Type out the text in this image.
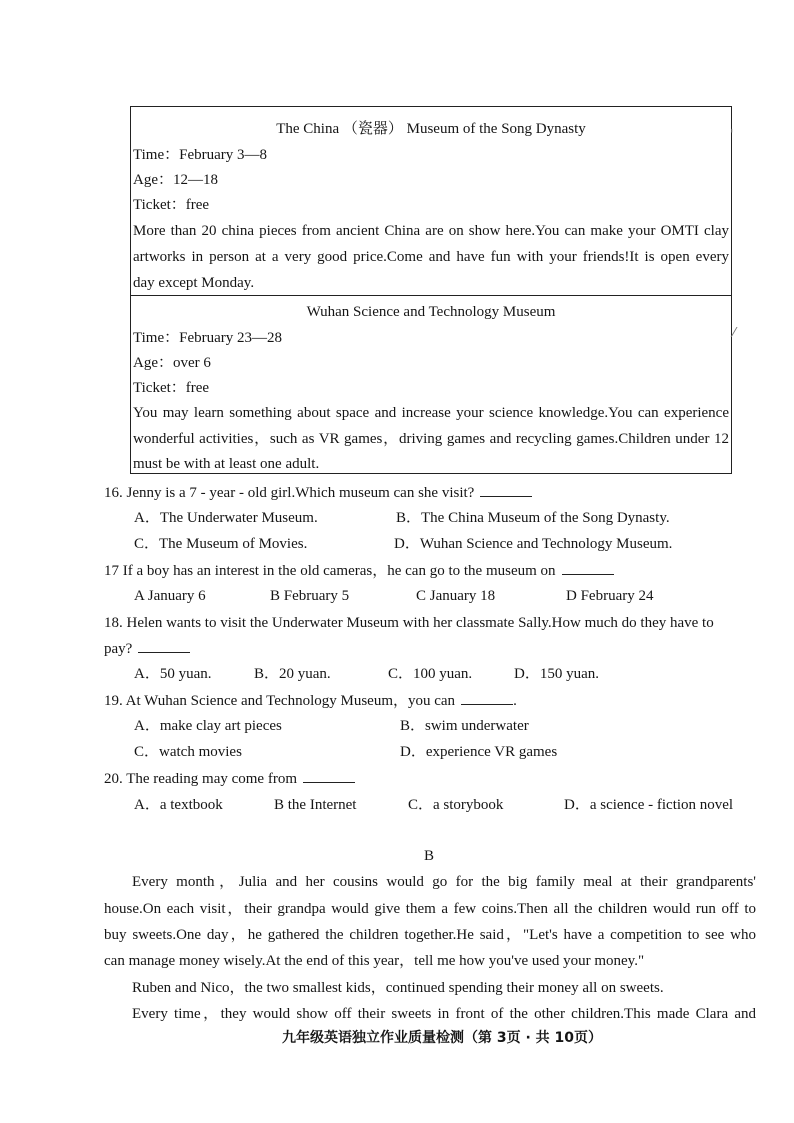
The China （瓷器） Museum of the Song Dynasty
Time：February 3—8
Age：12—18
Ticket：free
More than 20 china pieces from ancient China are on show here.You can make your OMTI clay
artworks in person at a very good price.Come and have fun with your friends!It is open every
day except Monday.
Wuhan Science and Technology Museum
Time：February 23—28
Age：over 6
Ticket：free
You may learn something about space and increase your science knowledge.You can experience
wonderful activities，such as VR games，driving games and recycling games.Children under 12
must be with at least one adult.
ˈ
⁄
16. Jenny is a 7 - year - old girl.Which museum can she visit?
A．The Underwater Museum.	B．The China Museum of the Song Dynasty.
C．The Museum of Movies.	D．Wuhan Science and Technology Museum.
17 If a boy has an interest in the old cameras，he can go to the museum on
A January 6	B February 5	C January 18	D February 24
18. Helen wants to visit the Underwater Museum with her classmate Sally.How much do they have to
pay?
A．50 yuan.	B．20 yuan.	C．100 yuan.	D．150 yuan.
19. At Wuhan Science and Technology Museum，you can	.
A．make clay art pieces	B．swim underwater
C．watch movies	D．experience VR games
20. The reading may come from
A．a textbook	B the Internet	C．a storybook	D．a science - fiction novel
B
Every month，Julia and her cousins would go for the big family meal at their grandparents'
house.On each visit，their grandpa would give them a few coins.Then all the children would run off to
buy sweets.One day，he gathered the children together.He said，"Let's have a competition to see who
can manage money wisely.At the end of this year，tell me how you've used your money."
Ruben and Nico，the two smallest kids，continued spending their money all on sweets.
Every time，they would show off their sweets in front of the other children.This made Clara and
九年级英语独立作业质量检测（第 3页 · 共 10页）
